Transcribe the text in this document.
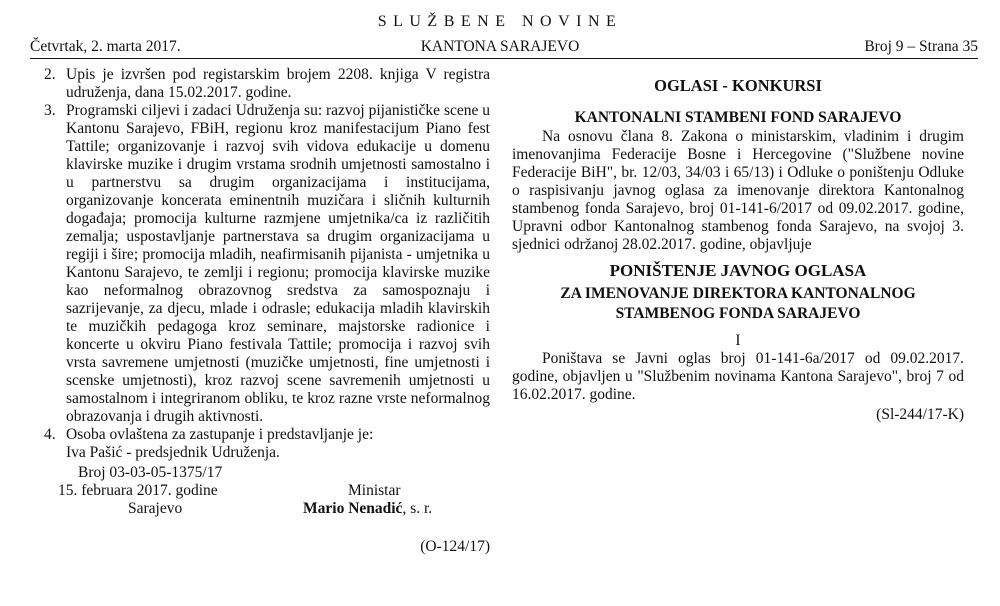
SLUŽBENE NOVINE
Četvrtak, 2. marta 2017.	KANTONA SARAJEVO	Broj 9 – Strana 35
2. Upis je izvršen pod registarskim brojem 2208. knjiga V registra udruženja, dana 15.02.2017. godine.
3. Programski ciljevi i zadaci Udruženja su: razvoj pijanističke scene u Kantonu Sarajevo, FBiH, regionu kroz manifestacijum Piano fest Tattile; organizovanje i razvoj svih vidova edukacije u domenu klavirske muzike i drugim vrstama srodnih umjetnosti samostalno i u partnerstvu sa drugim organizacijama i institucijama, organizovanje koncerata eminentnih muzičara i sličnih kulturnih događaja; promocija kulturne razmjene umjetnika/ca iz različitih zemalja; uspostavljanje partnerstava sa drugim organizacijama u regiji i šire; promocija mladih, neafirmisanih pijanista - umjetnika u Kantonu Sarajevo, te zemlji i regionu; promocija klavirske muzike kao neformalnog obrazovnog sredstva za samospoznaju i sazrijevanje, za djecu, mlade i odrasle; edukacija mladih klavirskih te muzičkih pedagoga kroz seminare, majstorske radionice i koncerte u okviru Piano festivala Tattile; promocija i razvoj svih vrsta savremene umjetnosti (muzičke umjetnosti, fine umjetnosti i scenske umjetnosti), kroz razvoj scene savremenih umjetnosti u samostalnom i integriranom obliku, te kroz razne vrste neformalnog obrazovanja i drugih aktivnosti.
4. Osoba ovlaštena za zastupanje i predstavljanje je:
Iva Pašić - predsjednik Udruženja.
Broj 03-03-05-1375/17
15. februara 2017. godine
Sarajevo
Ministar
Mario Nenadić, s. r.
(O-124/17)
OGLASI - KONKURSI
KANTONALNI STAMBENI FOND SARAJEVO
Na osnovu člana 8. Zakona o ministarskim, vladinim i drugim imenovanjima Federacije Bosne i Hercegovine ("Službene novine Federacije BiH", br. 12/03, 34/03 i 65/13) i Odluke o poništenju Odluke o raspisivanju javnog oglasa za imenovanje direktora Kantonalnog stambenog fonda Sarajevo, broj 01-141-6/2017 od 09.02.2017. godine, Upravni odbor Kantonalnog stambenog fonda Sarajevo, na svojoj 3. sjednici održanoj 28.02.2017. godine, objavljuje
PONIŠTENJE JAVNOG OGLASA
ZA IMENOVANJE DIREKTORA KANTONALNOG STAMBENOG FONDA SARAJEVO
I
Poništava se Javni oglas broj 01-141-6a/2017 od 09.02.2017. godine, objavljen u "Službenim novinama Kantona Sarajevo", broj 7 od 16.02.2017. godine.
(Sl-244/17-K)
